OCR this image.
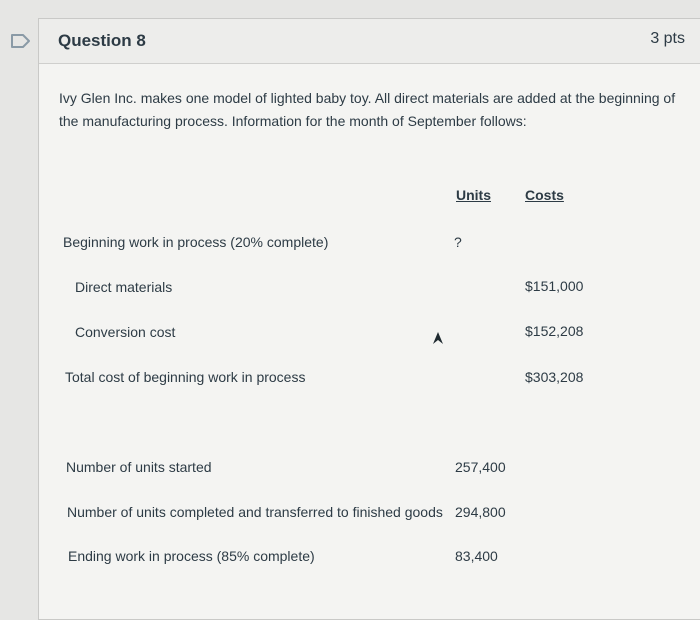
Question 8	3 pts
Ivy Glen Inc. makes one model of lighted baby toy. All direct materials are added at the beginning of the manufacturing process. Information for the month of September follows:
Units Costs
Beginning work in process (20% complete)	?
Direct materials	$151,000
Conversion cost	$152,208
Total cost of beginning work in process	$303,208
Number of units started	257,400
Number of units completed and transferred to finished goods 294,800
Ending work in process (85% complete)	83,400
